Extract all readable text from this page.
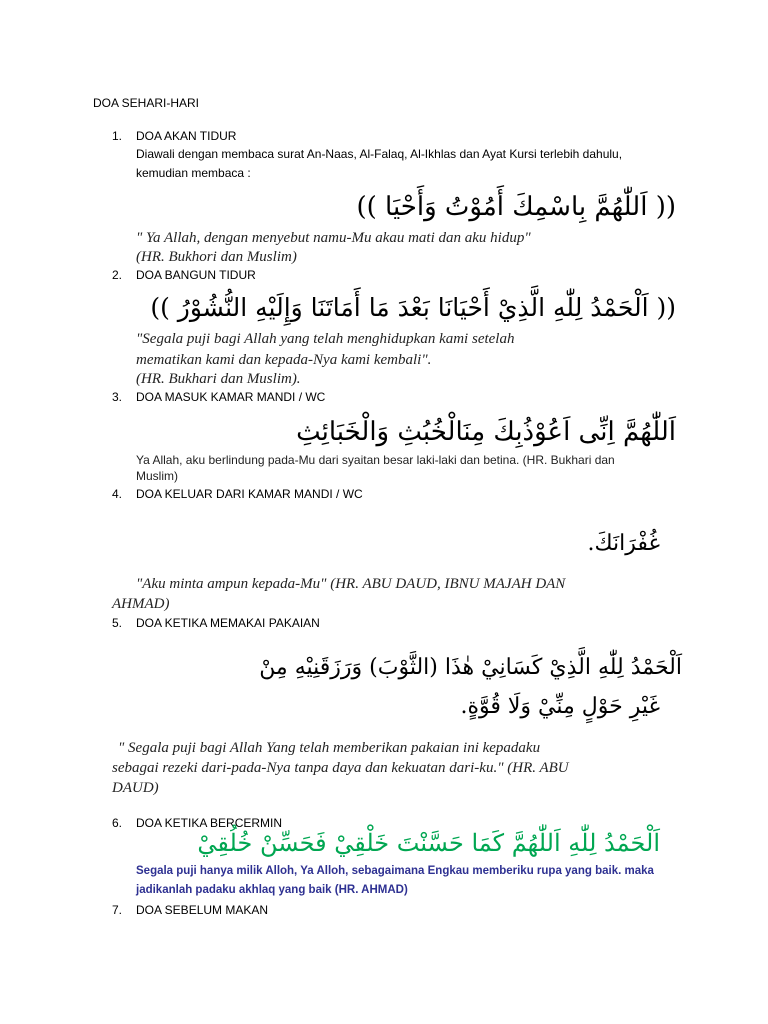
DOA SEHARI-HARI
1.	DOA AKAN TIDUR
Diawali dengan membaca surat An-Naas, Al-Falaq, Al-Ikhlas dan Ayat Kursi terlebih dahulu,
kemudian membaca :
(( اَللّٰهُمَّ بِاسْمِكَ أَمُوْتُ وَأَحْيَا ))
" Ya Allah, dengan menyebut namu-Mu akau mati dan aku hidup"
(HR. Bukhori dan Muslim)
2.	DOA BANGUN TIDUR
(( اَلْحَمْدُ لِلّٰهِ الَّذِيْ أَحْيَانَا بَعْدَ مَا أَمَاتَنَا وَإِلَيْهِ النُّشُوْرُ ))
"Segala puji bagi Allah yang telah menghidupkan kami setelah
mematikan kami dan kepada-Nya kami kembali".
(HR. Bukhari dan Muslim).
3.	DOA MASUK KAMAR MANDI / WC
اَللّٰهُمَّ اِنِّى اَعُوْذُبِكَ مِنَالْخُبُثِ وَالْخَبَائِثِ
Ya Allah, aku berlindung pada-Mu dari syaitan besar laki-laki dan betina. (HR. Bukhari dan
Muslim)
4.	DOA KELUAR DARI KAMAR MANDI / WC
غُفْرَانَكَ.
"Aku minta ampun kepada-Mu" (HR. ABU DAUD, IBNU MAJAH DAN
AHMAD)
5.	DOA KETIKA MEMAKAI PAKAIAN
اَلْحَمْدُ لِلّٰهِ الَّذِيْ كَسَانِيْ هٰذَا (الثَّوْبَ) وَرَزَقَنِيْهِ مِنْ
غَيْرِ حَوْلٍ مِنِّيْ وَلَا قُوَّةٍ.
" Segala puji bagi Allah Yang telah memberikan pakaian ini kepadaku
sebagai rezeki dari-pada-Nya tanpa daya dan kekuatan dari-ku." (HR. ABU
DAUD)
6.	DOA KETIKA BERCERMIN
اَلْحَمْدُ لِلّٰهِ اَللّٰهُمَّ كَمَا حَسَّنْتَ خَلْقِيْ فَحَسِّنْ خُلُقِيْ
Segala puji hanya milik Alloh, Ya Alloh, sebagaimana Engkau memberiku rupa yang baik. maka
jadikanlah padaku akhlaq yang baik (HR. AHMAD)
7.	DOA SEBELUM MAKAN
